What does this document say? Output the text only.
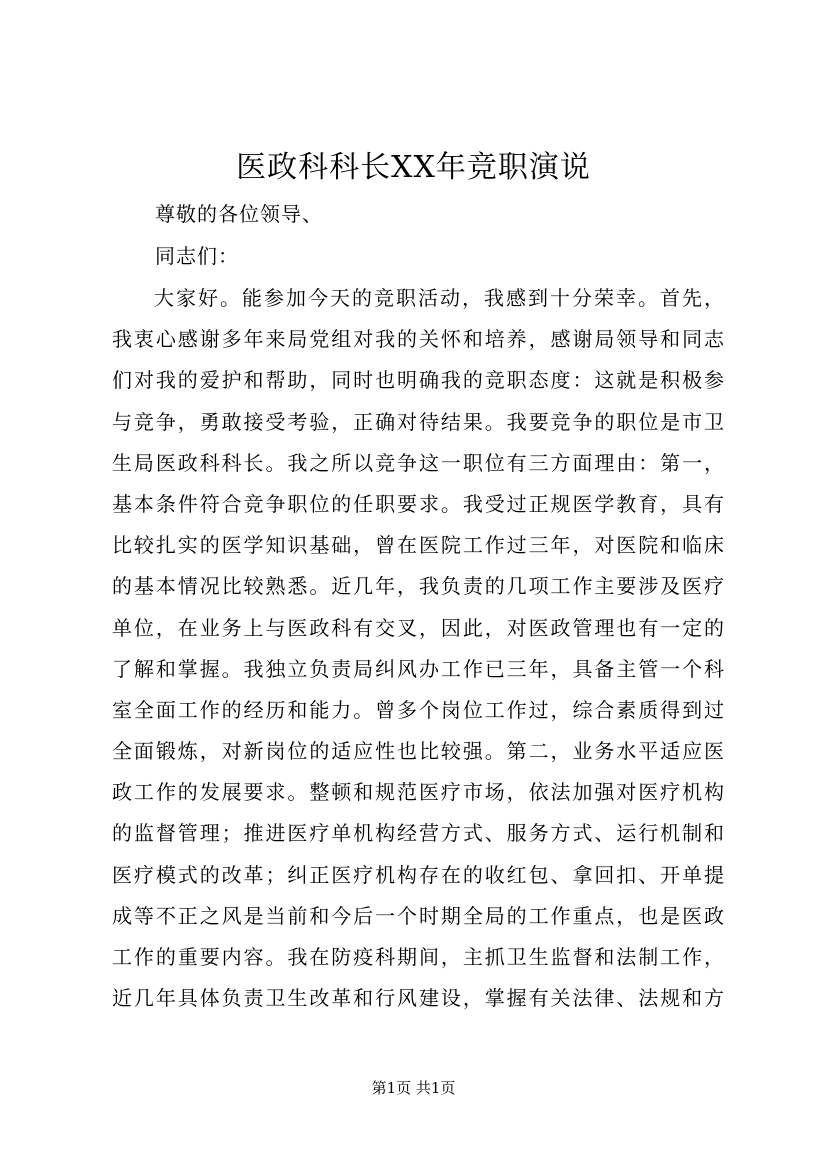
医政科科长XX年竞职演说
尊敬的各位领导、
同志们：
大家好。能参加今天的竞职活动，我感到十分荣幸。首先，
我衷心感谢多年来局党组对我的关怀和培养，感谢局领导和同志
们对我的爱护和帮助，同时也明确我的竞职态度：这就是积极参
与竞争，勇敢接受考验，正确对待结果。我要竞争的职位是市卫
生局医政科科长。我之所以竞争这一职位有三方面理由：第一，
基本条件符合竞争职位的任职要求。我受过正规医学教育，具有
比较扎实的医学知识基础，曾在医院工作过三年，对医院和临床
的基本情况比较熟悉。近几年，我负责的几项工作主要涉及医疗
单位，在业务上与医政科有交叉，因此，对医政管理也有一定的
了解和掌握。我独立负责局纠风办工作已三年，具备主管一个科
室全面工作的经历和能力。曾多个岗位工作过，综合素质得到过
全面锻炼，对新岗位的适应性也比较强。第二，业务水平适应医
政工作的发展要求。整顿和规范医疗市场，依法加强对医疗机构
的监督管理；推进医疗单机构经营方式、服务方式、运行机制和
医疗模式的改革；纠正医疗机构存在的收红包、拿回扣、开单提
成等不正之风是当前和今后一个时期全局的工作重点，也是医政
工作的重要内容。我在防疫科期间，主抓卫生监督和法制工作，
近几年具体负责卫生改革和行风建设，掌握有关法律、法规和方
第1页 共1页
